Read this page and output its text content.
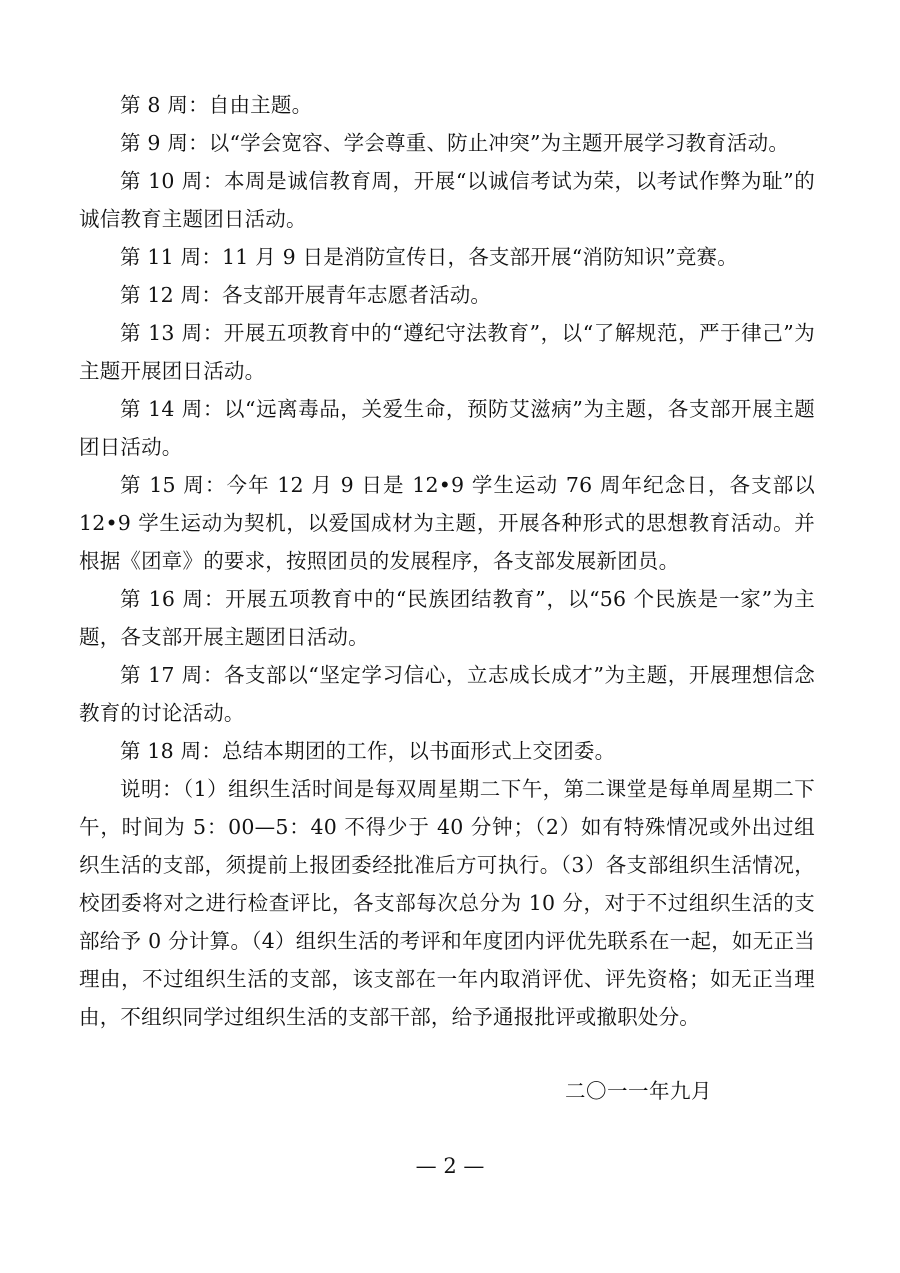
第 8 周：自由主题。

第 9 周：以“学会宽容、学会尊重、防止冲突”为主题开展学习教育活动。

第 10 周：本周是诚信教育周，开展“以诚信考试为荣，以考试作弊为耻”的诚信教育主题团日活动。

第 11 周：11 月 9 日是消防宣传日，各支部开展“消防知识”竞赛。

第 12 周：各支部开展青年志愿者活动。

第 13 周：开展五项教育中的“遵纪守法教育”，以“了解规范，严于律己”为主题开展团日活动。

第 14 周：以“远离毒品，关爱生命，预防艾滋病”为主题，各支部开展主题团日活动。

第 15 周：今年 12 月 9 日是 12•9 学生运动 76 周年纪念日，各支部以 12•9 学生运动为契机，以爱国成材为主题，开展各种形式的思想教育活动。并根据《团章》的要求，按照团员的发展程序，各支部发展新团员。

第 16 周：开展五项教育中的“民族团结教育”，以“56 个民族是一家”为主题，各支部开展主题团日活动。

第 17 周：各支部以“坚定学习信心，立志成长成才”为主题，开展理想信念教育的讨论活动。

第 18 周：总结本期团的工作，以书面形式上交团委。

说明：（1）组织生活时间是每双周星期二下午，第二课堂是每单周星期二下午，时间为 5：00—5：40 不得少于 40 分钟；（2）如有特殊情况或外出过组织生活的支部，须提前上报团委经批准后方可执行。（3）各支部组织生活情况，校团委将对之进行检查评比，各支部每次总分为 10 分，对于不过组织生活的支部给予 0 分计算。（4）组织生活的考评和年度团内评优先联系在一起，如无正当理由，不过组织生活的支部，该支部在一年内取消评优、评先资格；如无正当理由，不组织同学过组织生活的支部干部，给予通报批评或撤职处分。

二〇一一年九月
— 2 —
